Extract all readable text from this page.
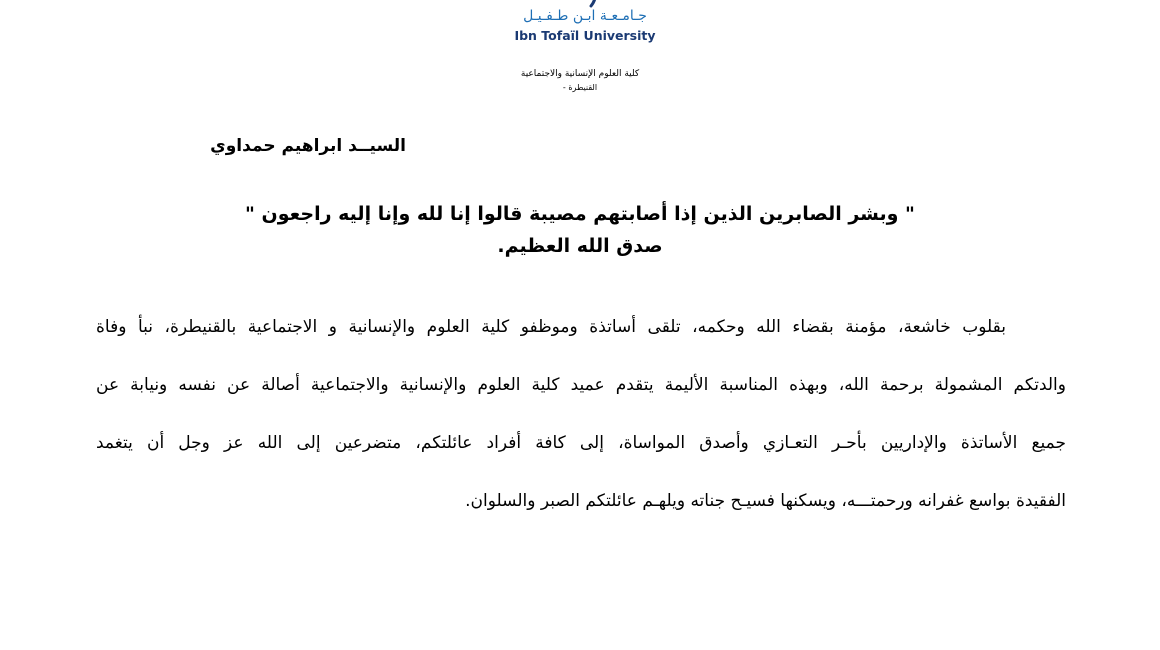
جـامـعـة ابـن طـفـيـل
Ibn Tofaïl University
كلية العلوم الإنسانية والاجتماعية
القنيطرة -
السيــد ابراهيم حمداوي
" وبشر الصابرين الذين إذا أصابتهم مصيبة قالوا إنا لله وإنا إليه راجعون "
صدق الله العظيم.
بقلوب خاشعة، مؤمنة بقضاء الله وحكمه، تلقى أساتذة وموظفو كلية العلوم والإنسانية و الاجتماعية بالقنيطرة، نبأ وفاة
والدتكم المشمولة برحمة الله، وبهذه المناسبة الأليمة يتقدم عميد كلية العلوم والإنسانية والاجتماعية أصالة عن نفسه ونيابة عن
جميع الأساتذة والإداريين بأحـر التعـازي وأصدق المواساة، إلى كافة أفراد عائلتكم، متضرعين إلى الله عز وجل أن يتغمد
الفقيدة بواسع غفرانه ورحمتـــه، ويسكنها فسيـح جناته ويلهـم عائلتكم الصبر والسلوان.
